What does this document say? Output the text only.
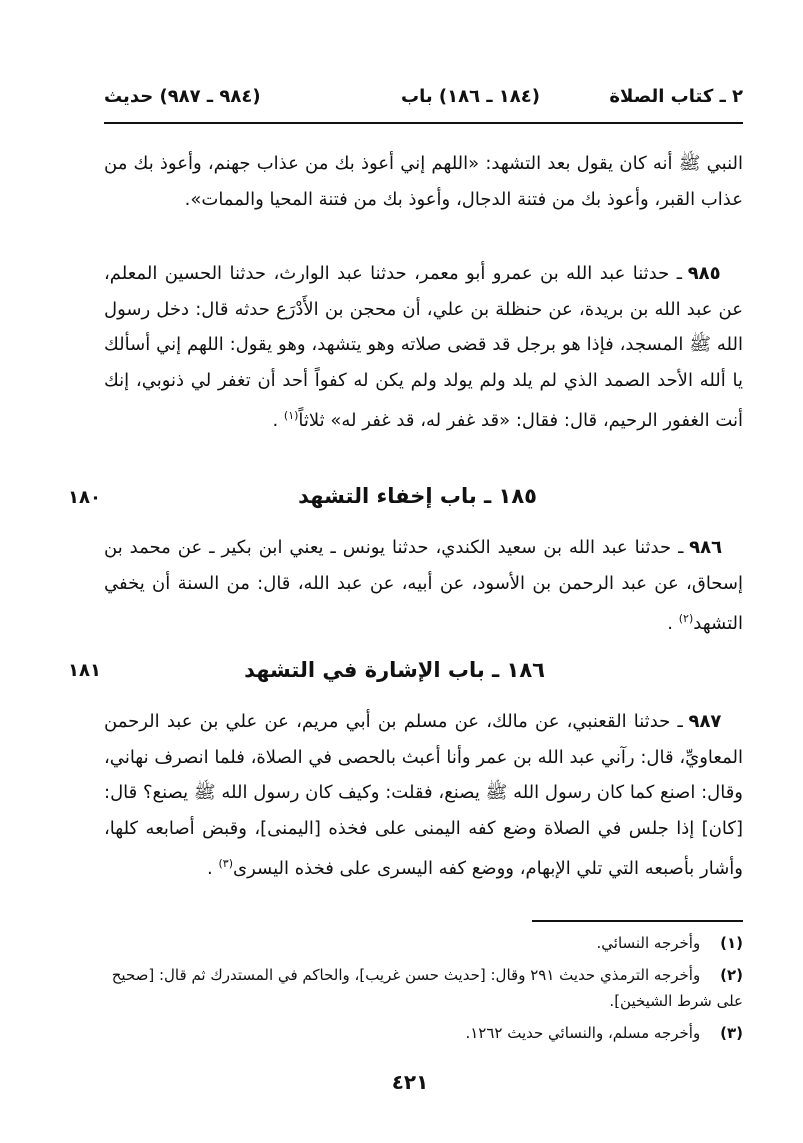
٢ ـ كتاب الصلاة
(١٨٤ ـ ١٨٦) باب
(٩٨٤ ـ ٩٨٧) حديث
النبي ﷺ أنه كان يقول بعد التشهد: «اللهم إني أعوذ بك من عذاب جهنم، وأعوذ بك من عذاب القبر، وأعوذ بك من فتنة الدجال، وأعوذ بك من فتنة المحيا والممات».
٩٨٥ ـ حدثنا عبد الله بن عمرو أبو معمر، حدثنا عبد الوارث، حدثنا الحسين المعلم، عن عبد الله بن بريدة، عن حنظلة بن علي، أن محجن بن الأَدْرَع حدثه قال: دخل رسول الله ﷺ المسجد، فإذا هو برجل قد قضى صلاته وهو يتشهد، وهو يقول: اللهم إني أسألك يا ألله الأحد الصمد الذي لم يلد ولم يولد ولم يكن له كفواً أحد أن تغفر لي ذنوبي، إنك أنت الغفور الرحيم، قال: فقال: «قد غفر له، قد غفر له» ثلاثاً$^{(١)}$ .
١٨٠	١٨٥ ـ باب إخفاء التشهد
٩٨٦ ـ حدثنا عبد الله بن سعيد الكندي، حدثنا يونس ـ يعني ابن بكير ـ عن محمد بن إسحاق، عن عبد الرحمن بن الأسود، عن أبيه، عن عبد الله، قال: من السنة أن يخفي التشهد$^{(٢)}$ .
١٨١	١٨٦ ـ باب الإشارة في التشهد
٩٨٧ ـ حدثنا القعنبي، عن مالك، عن مسلم بن أبي مريم، عن علي بن عبد الرحمن المعاويِّ، قال: رآني عبد الله بن عمر وأنا أعبث بالحصى في الصلاة، فلما انصرف نهاني، وقال: اصنع كما كان رسول الله ﷺ يصنع، فقلت: وكيف كان رسول الله ﷺ يصنع؟ قال: [كان] إذا جلس في الصلاة وضع كفه اليمنى على فخذه [اليمنى]، وقبض أصابعه كلها، وأشار بأصبعه التي تلي الإبهام، ووضع كفه اليسرى على فخذه اليسرى$^{(٣)}$ .
(١) وأخرجه النسائي.
(٢) وأخرجه الترمذي حديث ٢٩١ وقال: [حديث حسن غريب]، والحاكم في المستدرك ثم قال: [صحيح على شرط الشيخين].
(٣) وأخرجه مسلم، والنسائي حديث ١٢٦٢.
٤٢١
